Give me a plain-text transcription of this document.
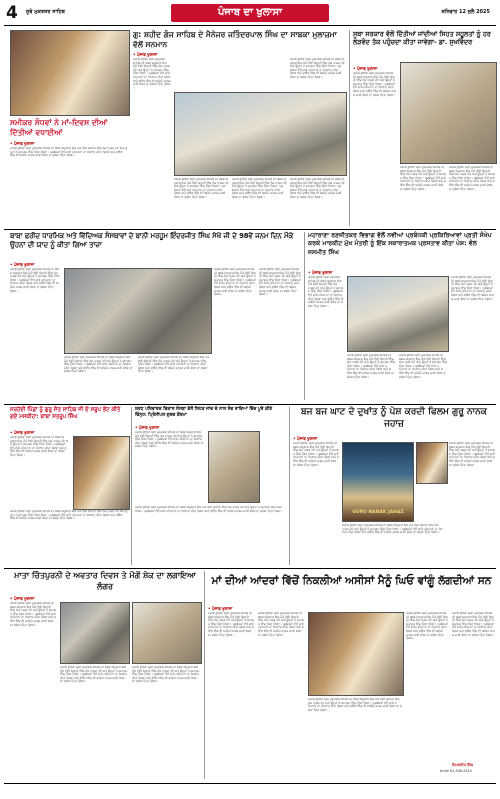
4 ਸੂਬੇ ਮੁਕਤਸਰ ਸਾਹਿਬ	ਪੰਜਾਬ ਦਾ ਖੁਲਾਸਾ	ਸ਼ਨਿਵਾਰ 12 ਜੁਲੈ 2025
ਸਮੀਕਰ ਸੰਧਵਾਂ ਨੇ ਮਾਂ-ਦਿਵਸ ਦੀਆਂ ਦਿੱਤੀਆਂ ਵਧਾਈਆਂ
• ਪੰਜਾਬ ਖੁਲਾਸਾ
ਪੰਜਾਬ ਖੁਲਾਸਾ ਸ੍ਰੀ ਮੁਕਤਸਰ ਸਾਹਿਬ ਦੀ ਖ਼ਬਰ ਅਨੁਸਾਰ ਇਸ ਮੌਕੇ ਵੱਡੀ ਗਿਣਤੀ ਵਿੱਚ ਲੋਕ ਹਾਜ਼ਰ ਹੋਏ ਅਤੇ ਉਨ੍ਹਾਂ ਨੇ ਸਮਾਗਮ ਵਿੱਚ ਹਿੱਸਾ ਲਿਆ। ਪ੍ਰਬੰਧਕਾਂ ਵੱਲੋਂ ਸਾਰੇ ਮਹਿਮਾਨਾਂ ਦਾ ਧੰਨਵਾਦ ਕੀਤਾ ਗਿਆ ਅਤੇ ਭਵਿੱਖ ਵਿੱਚ ਵੀ ਅਜਿਹੇ ਕਾਰਜ ਜਾਰੀ ਰੱਖਣ ਦਾ ਭਰੋਸਾ ਦਿੱਤਾ ਗਿਆ।
ਗੁ: ਸ਼ਹੀਦ ਗੰਜ ਸਾਹਿਬ ਦੇ ਮੈਨੇਜਰ ਜਤਿੰਦਰਪਾਲ ਸਿੰਘ ਦਾ ਸਾਬਕਾ ਮੁਲਾਜ਼ਮਾ ਵੱਲੋਂ ਸਨਮਾਨ
• ਪੰਜਾਬ ਖੁਲਾਸਾ
ਪੰਜਾਬ ਖੁਲਾਸਾ ਸ੍ਰੀ ਮੁਕਤਸਰ ਸਾਹਿਬ ਦੀ ਖ਼ਬਰ ਅਨੁਸਾਰ ਇਸ ਮੌਕੇ ਵੱਡੀ ਗਿਣਤੀ ਵਿੱਚ ਲੋਕ ਹਾਜ਼ਰ ਹੋਏ ਅਤੇ ਉਨ੍ਹਾਂ ਨੇ ਸਮਾਗਮ ਵਿੱਚ ਹਿੱਸਾ ਲਿਆ। ਪ੍ਰਬੰਧਕਾਂ ਵੱਲੋਂ ਸਾਰੇ ਮਹਿਮਾਨਾਂ ਦਾ ਧੰਨਵਾਦ ਕੀਤਾ ਗਿਆ ਅਤੇ ਭਵਿੱਖ ਵਿੱਚ ਵੀ ਅਜਿਹੇ ਕਾਰਜ ਜਾਰੀ ਰੱਖਣ ਦਾ ਭਰੋਸਾ ਦਿੱਤਾ ਗਿਆ।
ਪੰਜਾਬ ਖੁਲਾਸਾ ਸ੍ਰੀ ਮੁਕਤਸਰ ਸਾਹਿਬ ਦੀ ਖ਼ਬਰ ਅਨੁਸਾਰ ਇਸ ਮੌਕੇ ਵੱਡੀ ਗਿਣਤੀ ਵਿੱਚ ਲੋਕ ਹਾਜ਼ਰ ਹੋਏ ਅਤੇ ਉਨ੍ਹਾਂ ਨੇ ਸਮਾਗਮ ਵਿੱਚ ਹਿੱਸਾ ਲਿਆ। ਪ੍ਰਬੰਧਕਾਂ ਵੱਲੋਂ ਸਾਰੇ ਮਹਿਮਾਨਾਂ ਦਾ ਧੰਨਵਾਦ ਕੀਤਾ ਗਿਆ ਅਤੇ ਭਵਿੱਖ ਵਿੱਚ ਵੀ ਅਜਿਹੇ ਕਾਰਜ ਜਾਰੀ ਰੱਖਣ ਦਾ ਭਰੋਸਾ ਦਿੱਤਾ ਗਿਆ।
ਪੰਜਾਬ ਖੁਲਾਸਾ ਸ੍ਰੀ ਮੁਕਤਸਰ ਸਾਹਿਬ ਦੀ ਖ਼ਬਰ ਅਨੁਸਾਰ ਇਸ ਮੌਕੇ ਵੱਡੀ ਗਿਣਤੀ ਵਿੱਚ ਲੋਕ ਹਾਜ਼ਰ ਹੋਏ ਅਤੇ ਉਨ੍ਹਾਂ ਨੇ ਸਮਾਗਮ ਵਿੱਚ ਹਿੱਸਾ ਲਿਆ। ਪ੍ਰਬੰਧਕਾਂ ਵੱਲੋਂ ਸਾਰੇ ਮਹਿਮਾਨਾਂ ਦਾ ਧੰਨਵਾਦ ਕੀਤਾ ਗਿਆ ਅਤੇ ਭਵਿੱਖ ਵਿੱਚ ਵੀ ਅਜਿਹੇ ਕਾਰਜ ਜਾਰੀ ਰੱਖਣ ਦਾ ਭਰੋਸਾ ਦਿੱਤਾ ਗਿਆ।
ਪੰਜਾਬ ਖੁਲਾਸਾ ਸ੍ਰੀ ਮੁਕਤਸਰ ਸਾਹਿਬ ਦੀ ਖ਼ਬਰ ਅਨੁਸਾਰ ਇਸ ਮੌਕੇ ਵੱਡੀ ਗਿਣਤੀ ਵਿੱਚ ਲੋਕ ਹਾਜ਼ਰ ਹੋਏ ਅਤੇ ਉਨ੍ਹਾਂ ਨੇ ਸਮਾਗਮ ਵਿੱਚ ਹਿੱਸਾ ਲਿਆ। ਪ੍ਰਬੰਧਕਾਂ ਵੱਲੋਂ ਸਾਰੇ ਮਹਿਮਾਨਾਂ ਦਾ ਧੰਨਵਾਦ ਕੀਤਾ ਗਿਆ ਅਤੇ ਭਵਿੱਖ ਵਿੱਚ ਵੀ ਅਜਿਹੇ ਕਾਰਜ ਜਾਰੀ ਰੱਖਣ ਦਾ ਭਰੋਸਾ ਦਿੱਤਾ ਗਿਆ।
ਪੰਜਾਬ ਖੁਲਾਸਾ ਸ੍ਰੀ ਮੁਕਤਸਰ ਸਾਹਿਬ ਦੀ ਖ਼ਬਰ ਅਨੁਸਾਰ ਇਸ ਮੌਕੇ ਵੱਡੀ ਗਿਣਤੀ ਵਿੱਚ ਲੋਕ ਹਾਜ਼ਰ ਹੋਏ ਅਤੇ ਉਨ੍ਹਾਂ ਨੇ ਸਮਾਗਮ ਵਿੱਚ ਹਿੱਸਾ ਲਿਆ। ਪ੍ਰਬੰਧਕਾਂ ਵੱਲੋਂ ਸਾਰੇ ਮਹਿਮਾਨਾਂ ਦਾ ਧੰਨਵਾਦ ਕੀਤਾ ਗਿਆ ਅਤੇ ਭਵਿੱਖ ਵਿੱਚ ਵੀ ਅਜਿਹੇ ਕਾਰਜ ਜਾਰੀ ਰੱਖਣ ਦਾ ਭਰੋਸਾ ਦਿੱਤਾ ਗਿਆ।
ਸੁਬਾ ਸਰਕਾਰ ਵੱਲੋਂ ਦਿੱਤੀਆਂ ਜਾਂਦੀਆਂ ਸਿਹਤ ਸਹੂਲਤਾਂ ਨੂੰ ਹਰ ਲੋੜਵੰਦ ਤੱਕ ਪਹੁੰਚਦਾ ਕੀਤਾ ਜਾਵੇਗਾ- ਡਾ. ਸੁਖਵਿੰਦਰ
• ਪੰਜਾਬ ਖੁਲਾਸਾ
ਪੰਜਾਬ ਖੁਲਾਸਾ ਸ੍ਰੀ ਮੁਕਤਸਰ ਸਾਹਿਬ ਦੀ ਖ਼ਬਰ ਅਨੁਸਾਰ ਇਸ ਮੌਕੇ ਵੱਡੀ ਗਿਣਤੀ ਵਿੱਚ ਲੋਕ ਹਾਜ਼ਰ ਹੋਏ ਅਤੇ ਉਨ੍ਹਾਂ ਨੇ ਸਮਾਗਮ ਵਿੱਚ ਹਿੱਸਾ ਲਿਆ। ਪ੍ਰਬੰਧਕਾਂ ਵੱਲੋਂ ਸਾਰੇ ਮਹਿਮਾਨਾਂ ਦਾ ਧੰਨਵਾਦ ਕੀਤਾ ਗਿਆ ਅਤੇ ਭਵਿੱਖ ਵਿੱਚ ਵੀ ਅਜਿਹੇ ਕਾਰਜ ਜਾਰੀ ਰੱਖਣ ਦਾ ਭਰੋਸਾ ਦਿੱਤਾ ਗਿਆ।
ਪੰਜਾਬ ਖੁਲਾਸਾ ਸ੍ਰੀ ਮੁਕਤਸਰ ਸਾਹਿਬ ਦੀ ਖ਼ਬਰ ਅਨੁਸਾਰ ਇਸ ਮੌਕੇ ਵੱਡੀ ਗਿਣਤੀ ਵਿੱਚ ਲੋਕ ਹਾਜ਼ਰ ਹੋਏ ਅਤੇ ਉਨ੍ਹਾਂ ਨੇ ਸਮਾਗਮ ਵਿੱਚ ਹਿੱਸਾ ਲਿਆ। ਪ੍ਰਬੰਧਕਾਂ ਵੱਲੋਂ ਸਾਰੇ ਮਹਿਮਾਨਾਂ ਦਾ ਧੰਨਵਾਦ ਕੀਤਾ ਗਿਆ ਅਤੇ ਭਵਿੱਖ ਵਿੱਚ ਵੀ ਅਜਿਹੇ ਕਾਰਜ ਜਾਰੀ ਰੱਖਣ ਦਾ ਭਰੋਸਾ ਦਿੱਤਾ ਗਿਆ।
ਪੰਜਾਬ ਖੁਲਾਸਾ ਸ੍ਰੀ ਮੁਕਤਸਰ ਸਾਹਿਬ ਦੀ ਖ਼ਬਰ ਅਨੁਸਾਰ ਇਸ ਮੌਕੇ ਵੱਡੀ ਗਿਣਤੀ ਵਿੱਚ ਲੋਕ ਹਾਜ਼ਰ ਹੋਏ ਅਤੇ ਉਨ੍ਹਾਂ ਨੇ ਸਮਾਗਮ ਵਿੱਚ ਹਿੱਸਾ ਲਿਆ। ਪ੍ਰਬੰਧਕਾਂ ਵੱਲੋਂ ਸਾਰੇ ਮਹਿਮਾਨਾਂ ਦਾ ਧੰਨਵਾਦ ਕੀਤਾ ਗਿਆ ਅਤੇ ਭਵਿੱਖ ਵਿੱਚ ਵੀ ਅਜਿਹੇ ਕਾਰਜ ਜਾਰੀ ਰੱਖਣ ਦਾ ਭਰੋਸਾ ਦਿੱਤਾ ਗਿਆ।
ਬਾਬਾ ਫਰੀਦ ਧਾਰਮਿਕ ਅਤੇ ਵਿੱਦਿਅਕ ਸੰਸਥਾਵਾਂ ਦੇ ਬਾਨੀ ਮਰਹੂਮ ਇੰਦਰਜੀਤ ਸਿੰਘ ਸੇਖੋਂ ਜੀ ਦੇ 98ਵੇਂ ਜਨਮ ਦਿਨ ਮੌਕੇ ਉਹਨਾਂ ਦੀ ਯਾਦ ਨੂੰ ਕੀਤਾ ਗਿਆ ਤਾਜ਼ਾ
• ਪੰਜਾਬ ਖੁਲਾਸਾ
ਪੰਜਾਬ ਖੁਲਾਸਾ ਸ੍ਰੀ ਮੁਕਤਸਰ ਸਾਹਿਬ ਦੀ ਖ਼ਬਰ ਅਨੁਸਾਰ ਇਸ ਮੌਕੇ ਵੱਡੀ ਗਿਣਤੀ ਵਿੱਚ ਲੋਕ ਹਾਜ਼ਰ ਹੋਏ ਅਤੇ ਉਨ੍ਹਾਂ ਨੇ ਸਮਾਗਮ ਵਿੱਚ ਹਿੱਸਾ ਲਿਆ। ਪ੍ਰਬੰਧਕਾਂ ਵੱਲੋਂ ਸਾਰੇ ਮਹਿਮਾਨਾਂ ਦਾ ਧੰਨਵਾਦ ਕੀਤਾ ਗਿਆ ਅਤੇ ਭਵਿੱਖ ਵਿੱਚ ਵੀ ਅਜਿਹੇ ਕਾਰਜ ਜਾਰੀ ਰੱਖਣ ਦਾ ਭਰੋਸਾ ਦਿੱਤਾ ਗਿਆ।
ਪੰਜਾਬ ਖੁਲਾਸਾ ਸ੍ਰੀ ਮੁਕਤਸਰ ਸਾਹਿਬ ਦੀ ਖ਼ਬਰ ਅਨੁਸਾਰ ਇਸ ਮੌਕੇ ਵੱਡੀ ਗਿਣਤੀ ਵਿੱਚ ਲੋਕ ਹਾਜ਼ਰ ਹੋਏ ਅਤੇ ਉਨ੍ਹਾਂ ਨੇ ਸਮਾਗਮ ਵਿੱਚ ਹਿੱਸਾ ਲਿਆ। ਪ੍ਰਬੰਧਕਾਂ ਵੱਲੋਂ ਸਾਰੇ ਮਹਿਮਾਨਾਂ ਦਾ ਧੰਨਵਾਦ ਕੀਤਾ ਗਿਆ ਅਤੇ ਭਵਿੱਖ ਵਿੱਚ ਵੀ ਅਜਿਹੇ ਕਾਰਜ ਜਾਰੀ ਰੱਖਣ ਦਾ ਭਰੋਸਾ ਦਿੱਤਾ ਗਿਆ।
ਪੰਜਾਬ ਖੁਲਾਸਾ ਸ੍ਰੀ ਮੁਕਤਸਰ ਸਾਹਿਬ ਦੀ ਖ਼ਬਰ ਅਨੁਸਾਰ ਇਸ ਮੌਕੇ ਵੱਡੀ ਗਿਣਤੀ ਵਿੱਚ ਲੋਕ ਹਾਜ਼ਰ ਹੋਏ ਅਤੇ ਉਨ੍ਹਾਂ ਨੇ ਸਮਾਗਮ ਵਿੱਚ ਹਿੱਸਾ ਲਿਆ। ਪ੍ਰਬੰਧਕਾਂ ਵੱਲੋਂ ਸਾਰੇ ਮਹਿਮਾਨਾਂ ਦਾ ਧੰਨਵਾਦ ਕੀਤਾ ਗਿਆ ਅਤੇ ਭਵਿੱਖ ਵਿੱਚ ਵੀ ਅਜਿਹੇ ਕਾਰਜ ਜਾਰੀ ਰੱਖਣ ਦਾ ਭਰੋਸਾ ਦਿੱਤਾ ਗਿਆ।
ਪੰਜਾਬ ਖੁਲਾਸਾ ਸ੍ਰੀ ਮੁਕਤਸਰ ਸਾਹਿਬ ਦੀ ਖ਼ਬਰ ਅਨੁਸਾਰ ਇਸ ਮੌਕੇ ਵੱਡੀ ਗਿਣਤੀ ਵਿੱਚ ਲੋਕ ਹਾਜ਼ਰ ਹੋਏ ਅਤੇ ਉਨ੍ਹਾਂ ਨੇ ਸਮਾਗਮ ਵਿੱਚ ਹਿੱਸਾ ਲਿਆ। ਪ੍ਰਬੰਧਕਾਂ ਵੱਲੋਂ ਸਾਰੇ ਮਹਿਮਾਨਾਂ ਦਾ ਧੰਨਵਾਦ ਕੀਤਾ ਗਿਆ ਅਤੇ ਭਵਿੱਖ ਵਿੱਚ ਵੀ ਅਜਿਹੇ ਕਾਰਜ ਜਾਰੀ ਰੱਖਣ ਦਾ ਭਰੋਸਾ ਦਿੱਤਾ ਗਿਆ।
ਪੰਜਾਬ ਖੁਲਾਸਾ ਸ੍ਰੀ ਮੁਕਤਸਰ ਸਾਹਿਬ ਦੀ ਖ਼ਬਰ ਅਨੁਸਾਰ ਇਸ ਮੌਕੇ ਵੱਡੀ ਗਿਣਤੀ ਵਿੱਚ ਲੋਕ ਹਾਜ਼ਰ ਹੋਏ ਅਤੇ ਉਨ੍ਹਾਂ ਨੇ ਸਮਾਗਮ ਵਿੱਚ ਹਿੱਸਾ ਲਿਆ। ਪ੍ਰਬੰਧਕਾਂ ਵੱਲੋਂ ਸਾਰੇ ਮਹਿਮਾਨਾਂ ਦਾ ਧੰਨਵਾਦ ਕੀਤਾ ਗਿਆ ਅਤੇ ਭਵਿੱਖ ਵਿੱਚ ਵੀ ਅਜਿਹੇ ਕਾਰਜ ਜਾਰੀ ਰੱਖਣ ਦਾ ਭਰੋਸਾ ਦਿੱਤਾ ਗਿਆ।
ਮਹਾਰਾਣਾ ਰਣਜੀਤਕਰ ਵਿਭਾਗ ਵੱਲੋਂ ਨਵੀਆਂ ਪ੍ਰਬੰਧਕੀ ਪ੍ਰਕਿਰਿਆਵਾਂ ਪ੍ਰਤੀ ਸੰਖੇਪ ਕਰਕੇ ਮਾਰਕੀਟ ਮੁੱਖ ਮੰਤਰੀ ਨੂੰ ਇੱਕ ਸਕਾਰਾਤਮਕ ਪ੍ਰਸਤਾਵ ਕੀਤਾ ਪੇਸ਼: ਵੰਲ ਜਸਮੀਤ ਸਿੰਘ
• ਪੰਜਾਬ ਖੁਲਾਸਾ
ਪੰਜਾਬ ਖੁਲਾਸਾ ਸ੍ਰੀ ਮੁਕਤਸਰ ਸਾਹਿਬ ਦੀ ਖ਼ਬਰ ਅਨੁਸਾਰ ਇਸ ਮੌਕੇ ਵੱਡੀ ਗਿਣਤੀ ਵਿੱਚ ਲੋਕ ਹਾਜ਼ਰ ਹੋਏ ਅਤੇ ਉਨ੍ਹਾਂ ਨੇ ਸਮਾਗਮ ਵਿੱਚ ਹਿੱਸਾ ਲਿਆ। ਪ੍ਰਬੰਧਕਾਂ ਵੱਲੋਂ ਸਾਰੇ ਮਹਿਮਾਨਾਂ ਦਾ ਧੰਨਵਾਦ ਕੀਤਾ ਗਿਆ ਅਤੇ ਭਵਿੱਖ ਵਿੱਚ ਵੀ ਅਜਿਹੇ ਕਾਰਜ ਜਾਰੀ ਰੱਖਣ ਦਾ ਭਰੋਸਾ ਦਿੱਤਾ ਗਿਆ।
ਪੰਜਾਬ ਖੁਲਾਸਾ ਸ੍ਰੀ ਮੁਕਤਸਰ ਸਾਹਿਬ ਦੀ ਖ਼ਬਰ ਅਨੁਸਾਰ ਇਸ ਮੌਕੇ ਵੱਡੀ ਗਿਣਤੀ ਵਿੱਚ ਲੋਕ ਹਾਜ਼ਰ ਹੋਏ ਅਤੇ ਉਨ੍ਹਾਂ ਨੇ ਸਮਾਗਮ ਵਿੱਚ ਹਿੱਸਾ ਲਿਆ। ਪ੍ਰਬੰਧਕਾਂ ਵੱਲੋਂ ਸਾਰੇ ਮਹਿਮਾਨਾਂ ਦਾ ਧੰਨਵਾਦ ਕੀਤਾ ਗਿਆ ਅਤੇ ਭਵਿੱਖ ਵਿੱਚ ਵੀ ਅਜਿਹੇ ਕਾਰਜ ਜਾਰੀ ਰੱਖਣ ਦਾ ਭਰੋਸਾ ਦਿੱਤਾ ਗਿਆ।
ਪੰਜਾਬ ਖੁਲਾਸਾ ਸ੍ਰੀ ਮੁਕਤਸਰ ਸਾਹਿਬ ਦੀ ਖ਼ਬਰ ਅਨੁਸਾਰ ਇਸ ਮੌਕੇ ਵੱਡੀ ਗਿਣਤੀ ਵਿੱਚ ਲੋਕ ਹਾਜ਼ਰ ਹੋਏ ਅਤੇ ਉਨ੍ਹਾਂ ਨੇ ਸਮਾਗਮ ਵਿੱਚ ਹਿੱਸਾ ਲਿਆ। ਪ੍ਰਬੰਧਕਾਂ ਵੱਲੋਂ ਸਾਰੇ ਮਹਿਮਾਨਾਂ ਦਾ ਧੰਨਵਾਦ ਕੀਤਾ ਗਿਆ ਅਤੇ ਭਵਿੱਖ ਵਿੱਚ ਵੀ ਅਜਿਹੇ ਕਾਰਜ ਜਾਰੀ ਰੱਖਣ ਦਾ ਭਰੋਸਾ ਦਿੱਤਾ ਗਿਆ।
ਪੰਜਾਬ ਖੁਲਾਸਾ ਸ੍ਰੀ ਮੁਕਤਸਰ ਸਾਹਿਬ ਦੀ ਖ਼ਬਰ ਅਨੁਸਾਰ ਇਸ ਮੌਕੇ ਵੱਡੀ ਗਿਣਤੀ ਵਿੱਚ ਲੋਕ ਹਾਜ਼ਰ ਹੋਏ ਅਤੇ ਉਨ੍ਹਾਂ ਨੇ ਸਮਾਗਮ ਵਿੱਚ ਹਿੱਸਾ ਲਿਆ। ਪ੍ਰਬੰਧਕਾਂ ਵੱਲੋਂ ਸਾਰੇ ਮਹਿਮਾਨਾਂ ਦਾ ਧੰਨਵਾਦ ਕੀਤਾ ਗਿਆ ਅਤੇ ਭਵਿੱਖ ਵਿੱਚ ਵੀ ਅਜਿਹੇ ਕਾਰਜ ਜਾਰੀ ਰੱਖਣ ਦਾ ਭਰੋਸਾ ਦਿੱਤਾ ਗਿਆ।
ਸਰਹੱਦੀ ਪਿੰਡਾਂ ਨੂੰ ਗੁਰੂ ਸੰਤ ਸਾਹਿਬ ਜੀ ਦੇ ਸਰੂਪ ਭੇਂਟ ਕੀਤੇ ਗਏ ਮਸਕੀਹਾ: ਬਾਬਾ ਸਤਰੂਪ ਸਿੰਘ
• ਪੰਜਾਬ ਖੁਲਾਸਾ
ਪੰਜਾਬ ਖੁਲਾਸਾ ਸ੍ਰੀ ਮੁਕਤਸਰ ਸਾਹਿਬ ਦੀ ਖ਼ਬਰ ਅਨੁਸਾਰ ਇਸ ਮੌਕੇ ਵੱਡੀ ਗਿਣਤੀ ਵਿੱਚ ਲੋਕ ਹਾਜ਼ਰ ਹੋਏ ਅਤੇ ਉਨ੍ਹਾਂ ਨੇ ਸਮਾਗਮ ਵਿੱਚ ਹਿੱਸਾ ਲਿਆ। ਪ੍ਰਬੰਧਕਾਂ ਵੱਲੋਂ ਸਾਰੇ ਮਹਿਮਾਨਾਂ ਦਾ ਧੰਨਵਾਦ ਕੀਤਾ ਗਿਆ ਅਤੇ ਭਵਿੱਖ ਵਿੱਚ ਵੀ ਅਜਿਹੇ ਕਾਰਜ ਜਾਰੀ ਰੱਖਣ ਦਾ ਭਰੋਸਾ ਦਿੱਤਾ ਗਿਆ।
ਪੰਜਾਬ ਖੁਲਾਸਾ ਸ੍ਰੀ ਮੁਕਤਸਰ ਸਾਹਿਬ ਦੀ ਖ਼ਬਰ ਅਨੁਸਾਰ ਇਸ ਮੌਕੇ ਵੱਡੀ ਗਿਣਤੀ ਵਿੱਚ ਲੋਕ ਹਾਜ਼ਰ ਹੋਏ ਅਤੇ ਉਨ੍ਹਾਂ ਨੇ ਸਮਾਗਮ ਵਿੱਚ ਹਿੱਸਾ ਲਿਆ। ਪ੍ਰਬੰਧਕਾਂ ਵੱਲੋਂ ਸਾਰੇ ਮਹਿਮਾਨਾਂ ਦਾ ਧੰਨਵਾਦ ਕੀਤਾ ਗਿਆ ਅਤੇ ਭਵਿੱਖ ਵਿੱਚ ਵੀ ਅਜਿਹੇ ਕਾਰਜ ਜਾਰੀ ਰੱਖਣ ਦਾ ਭਰੋਸਾ ਦਿੱਤਾ ਗਿਆ।
ਸ਼ਰਧ ਪਰਿਵਾਰਕ ਵਿਕਾਸ ਸੰਸਥਾ ਵੱਲੋਂ ਸਿਹਤ ਜਾਂਚ ਦੇ ਨਾਲ ਸੋਵ ਰਾਵਿਆਂ ਵਿੱਚ ਪੂਰੇ ਕੀਤੇ ਚਿੰਨ੍ਹ: ਪ੍ਰਿੰਸੀਪਲ ਗੁਰਚ ਕੌਰਮਾ
• ਪੰਜਾਬ ਖੁਲਾਸਾ
ਪੰਜਾਬ ਖੁਲਾਸਾ ਸ੍ਰੀ ਮੁਕਤਸਰ ਸਾਹਿਬ ਦੀ ਖ਼ਬਰ ਅਨੁਸਾਰ ਇਸ ਮੌਕੇ ਵੱਡੀ ਗਿਣਤੀ ਵਿੱਚ ਲੋਕ ਹਾਜ਼ਰ ਹੋਏ ਅਤੇ ਉਨ੍ਹਾਂ ਨੇ ਸਮਾਗਮ ਵਿੱਚ ਹਿੱਸਾ ਲਿਆ। ਪ੍ਰਬੰਧਕਾਂ ਵੱਲੋਂ ਸਾਰੇ ਮਹਿਮਾਨਾਂ ਦਾ ਧੰਨਵਾਦ ਕੀਤਾ ਗਿਆ ਅਤੇ ਭਵਿੱਖ ਵਿੱਚ ਵੀ ਅਜਿਹੇ ਕਾਰਜ ਜਾਰੀ ਰੱਖਣ ਦਾ ਭਰੋਸਾ ਦਿੱਤਾ ਗਿਆ।
ਪੰਜਾਬ ਖੁਲਾਸਾ ਸ੍ਰੀ ਮੁਕਤਸਰ ਸਾਹਿਬ ਦੀ ਖ਼ਬਰ ਅਨੁਸਾਰ ਇਸ ਮੌਕੇ ਵੱਡੀ ਗਿਣਤੀ ਵਿੱਚ ਲੋਕ ਹਾਜ਼ਰ ਹੋਏ ਅਤੇ ਉਨ੍ਹਾਂ ਨੇ ਸਮਾਗਮ ਵਿੱਚ ਹਿੱਸਾ ਲਿਆ। ਪ੍ਰਬੰਧਕਾਂ ਵੱਲੋਂ ਸਾਰੇ ਮਹਿਮਾਨਾਂ ਦਾ ਧੰਨਵਾਦ ਕੀਤਾ ਗਿਆ ਅਤੇ ਭਵਿੱਖ ਵਿੱਚ ਵੀ ਅਜਿਹੇ ਕਾਰਜ ਜਾਰੀ ਰੱਖਣ ਦਾ ਭਰੋਸਾ ਦਿੱਤਾ ਗਿਆ।
ਬਜ ਬਜ ਘਾਟ ਦੇ ਦੁਖਾਂਤ ਨੂੰ ਪੇਸ਼ ਕਰਦੀ ਫਿਲਮ ਗੁਰੂ ਨਾਨਕ ਜਹਾਜ਼
• ਪੰਜਾਬ ਖੁਲਾਸਾ
ਪੰਜਾਬ ਖੁਲਾਸਾ ਸ੍ਰੀ ਮੁਕਤਸਰ ਸਾਹਿਬ ਦੀ ਖ਼ਬਰ ਅਨੁਸਾਰ ਇਸ ਮੌਕੇ ਵੱਡੀ ਗਿਣਤੀ ਵਿੱਚ ਲੋਕ ਹਾਜ਼ਰ ਹੋਏ ਅਤੇ ਉਨ੍ਹਾਂ ਨੇ ਸਮਾਗਮ ਵਿੱਚ ਹਿੱਸਾ ਲਿਆ। ਪ੍ਰਬੰਧਕਾਂ ਵੱਲੋਂ ਸਾਰੇ ਮਹਿਮਾਨਾਂ ਦਾ ਧੰਨਵਾਦ ਕੀਤਾ ਗਿਆ ਅਤੇ ਭਵਿੱਖ ਵਿੱਚ ਵੀ ਅਜਿਹੇ ਕਾਰਜ ਜਾਰੀ ਰੱਖਣ ਦਾ ਭਰੋਸਾ ਦਿੱਤਾ ਗਿਆ।
GURU NANAK JAHAZ
ਪੰਜਾਬ ਖੁਲਾਸਾ ਸ੍ਰੀ ਮੁਕਤਸਰ ਸਾਹਿਬ ਦੀ ਖ਼ਬਰ ਅਨੁਸਾਰ ਇਸ ਮੌਕੇ ਵੱਡੀ ਗਿਣਤੀ ਵਿੱਚ ਲੋਕ ਹਾਜ਼ਰ ਹੋਏ ਅਤੇ ਉਨ੍ਹਾਂ ਨੇ ਸਮਾਗਮ ਵਿੱਚ ਹਿੱਸਾ ਲਿਆ। ਪ੍ਰਬੰਧਕਾਂ ਵੱਲੋਂ ਸਾਰੇ ਮਹਿਮਾਨਾਂ ਦਾ ਧੰਨਵਾਦ ਕੀਤਾ ਗਿਆ ਅਤੇ ਭਵਿੱਖ ਵਿੱਚ ਵੀ ਅਜਿਹੇ ਕਾਰਜ ਜਾਰੀ ਰੱਖਣ ਦਾ ਭਰੋਸਾ ਦਿੱਤਾ ਗਿਆ।
ਪੰਜਾਬ ਖੁਲਾਸਾ ਸ੍ਰੀ ਮੁਕਤਸਰ ਸਾਹਿਬ ਦੀ ਖ਼ਬਰ ਅਨੁਸਾਰ ਇਸ ਮੌਕੇ ਵੱਡੀ ਗਿਣਤੀ ਵਿੱਚ ਲੋਕ ਹਾਜ਼ਰ ਹੋਏ ਅਤੇ ਉਨ੍ਹਾਂ ਨੇ ਸਮਾਗਮ ਵਿੱਚ ਹਿੱਸਾ ਲਿਆ। ਪ੍ਰਬੰਧਕਾਂ ਵੱਲੋਂ ਸਾਰੇ ਮਹਿਮਾਨਾਂ ਦਾ ਧੰਨਵਾਦ ਕੀਤਾ ਗਿਆ ਅਤੇ ਭਵਿੱਖ ਵਿੱਚ ਵੀ ਅਜਿਹੇ ਕਾਰਜ ਜਾਰੀ ਰੱਖਣ ਦਾ ਭਰੋਸਾ ਦਿੱਤਾ ਗਿਆ।
ਮਾਤਾ ਚਿੰਤਪੁਰਨੀ ਦੇ ਅਵਤਾਰ ਦਿਵਸ ਤੇ ਮੌਗੋਂ ਸ਼ੇਕ ਦਾ ਲਗਾਇਆ ਲੰਗਰ
• ਪੰਜਾਬ ਖੁਲਾਸਾ
ਪੰਜਾਬ ਖੁਲਾਸਾ ਸ੍ਰੀ ਮੁਕਤਸਰ ਸਾਹਿਬ ਦੀ ਖ਼ਬਰ ਅਨੁਸਾਰ ਇਸ ਮੌਕੇ ਵੱਡੀ ਗਿਣਤੀ ਵਿੱਚ ਲੋਕ ਹਾਜ਼ਰ ਹੋਏ ਅਤੇ ਉਨ੍ਹਾਂ ਨੇ ਸਮਾਗਮ ਵਿੱਚ ਹਿੱਸਾ ਲਿਆ। ਪ੍ਰਬੰਧਕਾਂ ਵੱਲੋਂ ਸਾਰੇ ਮਹਿਮਾਨਾਂ ਦਾ ਧੰਨਵਾਦ ਕੀਤਾ ਗਿਆ ਅਤੇ ਭਵਿੱਖ ਵਿੱਚ ਵੀ ਅਜਿਹੇ ਕਾਰਜ ਜਾਰੀ ਰੱਖਣ ਦਾ ਭਰੋਸਾ ਦਿੱਤਾ ਗਿਆ।
ਪੰਜਾਬ ਖੁਲਾਸਾ ਸ੍ਰੀ ਮੁਕਤਸਰ ਸਾਹਿਬ ਦੀ ਖ਼ਬਰ ਅਨੁਸਾਰ ਇਸ ਮੌਕੇ ਵੱਡੀ ਗਿਣਤੀ ਵਿੱਚ ਲੋਕ ਹਾਜ਼ਰ ਹੋਏ ਅਤੇ ਉਨ੍ਹਾਂ ਨੇ ਸਮਾਗਮ ਵਿੱਚ ਹਿੱਸਾ ਲਿਆ। ਪ੍ਰਬੰਧਕਾਂ ਵੱਲੋਂ ਸਾਰੇ ਮਹਿਮਾਨਾਂ ਦਾ ਧੰਨਵਾਦ ਕੀਤਾ ਗਿਆ ਅਤੇ ਭਵਿੱਖ ਵਿੱਚ ਵੀ ਅਜਿਹੇ ਕਾਰਜ ਜਾਰੀ ਰੱਖਣ ਦਾ ਭਰੋਸਾ ਦਿੱਤਾ ਗਿਆ।
ਪੰਜਾਬ ਖੁਲਾਸਾ ਸ੍ਰੀ ਮੁਕਤਸਰ ਸਾਹਿਬ ਦੀ ਖ਼ਬਰ ਅਨੁਸਾਰ ਇਸ ਮੌਕੇ ਵੱਡੀ ਗਿਣਤੀ ਵਿੱਚ ਲੋਕ ਹਾਜ਼ਰ ਹੋਏ ਅਤੇ ਉਨ੍ਹਾਂ ਨੇ ਸਮਾਗਮ ਵਿੱਚ ਹਿੱਸਾ ਲਿਆ। ਪ੍ਰਬੰਧਕਾਂ ਵੱਲੋਂ ਸਾਰੇ ਮਹਿਮਾਨਾਂ ਦਾ ਧੰਨਵਾਦ ਕੀਤਾ ਗਿਆ ਅਤੇ ਭਵਿੱਖ ਵਿੱਚ ਵੀ ਅਜਿਹੇ ਕਾਰਜ ਜਾਰੀ ਰੱਖਣ ਦਾ ਭਰੋਸਾ ਦਿੱਤਾ ਗਿਆ।
ਮਾਂ ਦੀਆਂ ਆਂਦਰਾਂ ਵਿੱਚੋਂ ਨਿਕਲੀਆਂ ਅਸੀਸਾਂ ਮੈਨੂੰ ਘਿਓ ਵਾਂਗੂੰ ਲੱਗਦੀਆਂ ਸਨ
• ਪੰਜਾਬ ਖੁਲਾਸਾ
ਪੰਜਾਬ ਖੁਲਾਸਾ ਸ੍ਰੀ ਮੁਕਤਸਰ ਸਾਹਿਬ ਦੀ ਖ਼ਬਰ ਅਨੁਸਾਰ ਇਸ ਮੌਕੇ ਵੱਡੀ ਗਿਣਤੀ ਵਿੱਚ ਲੋਕ ਹਾਜ਼ਰ ਹੋਏ ਅਤੇ ਉਨ੍ਹਾਂ ਨੇ ਸਮਾਗਮ ਵਿੱਚ ਹਿੱਸਾ ਲਿਆ। ਪ੍ਰਬੰਧਕਾਂ ਵੱਲੋਂ ਸਾਰੇ ਮਹਿਮਾਨਾਂ ਦਾ ਧੰਨਵਾਦ ਕੀਤਾ ਗਿਆ ਅਤੇ ਭਵਿੱਖ ਵਿੱਚ ਵੀ ਅਜਿਹੇ ਕਾਰਜ ਜਾਰੀ ਰੱਖਣ ਦਾ ਭਰੋਸਾ ਦਿੱਤਾ ਗਿਆ।
ਪੰਜਾਬ ਖੁਲਾਸਾ ਸ੍ਰੀ ਮੁਕਤਸਰ ਸਾਹਿਬ ਦੀ ਖ਼ਬਰ ਅਨੁਸਾਰ ਇਸ ਮੌਕੇ ਵੱਡੀ ਗਿਣਤੀ ਵਿੱਚ ਲੋਕ ਹਾਜ਼ਰ ਹੋਏ ਅਤੇ ਉਨ੍ਹਾਂ ਨੇ ਸਮਾਗਮ ਵਿੱਚ ਹਿੱਸਾ ਲਿਆ। ਪ੍ਰਬੰਧਕਾਂ ਵੱਲੋਂ ਸਾਰੇ ਮਹਿਮਾਨਾਂ ਦਾ ਧੰਨਵਾਦ ਕੀਤਾ ਗਿਆ ਅਤੇ ਭਵਿੱਖ ਵਿੱਚ ਵੀ ਅਜਿਹੇ ਕਾਰਜ ਜਾਰੀ ਰੱਖਣ ਦਾ ਭਰੋਸਾ ਦਿੱਤਾ ਗਿਆ।
ਪੰਜਾਬ ਖੁਲਾਸਾ ਸ੍ਰੀ ਮੁਕਤਸਰ ਸਾਹਿਬ ਦੀ ਖ਼ਬਰ ਅਨੁਸਾਰ ਇਸ ਮੌਕੇ ਵੱਡੀ ਗਿਣਤੀ ਵਿੱਚ ਲੋਕ ਹਾਜ਼ਰ ਹੋਏ ਅਤੇ ਉਨ੍ਹਾਂ ਨੇ ਸਮਾਗਮ ਵਿੱਚ ਹਿੱਸਾ ਲਿਆ। ਪ੍ਰਬੰਧਕਾਂ ਵੱਲੋਂ ਸਾਰੇ ਮਹਿਮਾਨਾਂ ਦਾ ਧੰਨਵਾਦ ਕੀਤਾ ਗਿਆ ਅਤੇ ਭਵਿੱਖ ਵਿੱਚ ਵੀ ਅਜਿਹੇ ਕਾਰਜ ਜਾਰੀ ਰੱਖਣ ਦਾ ਭਰੋਸਾ ਦਿੱਤਾ ਗਿਆ।
ਪੰਜਾਬ ਖੁਲਾਸਾ ਸ੍ਰੀ ਮੁਕਤਸਰ ਸਾਹਿਬ ਦੀ ਖ਼ਬਰ ਅਨੁਸਾਰ ਇਸ ਮੌਕੇ ਵੱਡੀ ਗਿਣਤੀ ਵਿੱਚ ਲੋਕ ਹਾਜ਼ਰ ਹੋਏ ਅਤੇ ਉਨ੍ਹਾਂ ਨੇ ਸਮਾਗਮ ਵਿੱਚ ਹਿੱਸਾ ਲਿਆ। ਪ੍ਰਬੰਧਕਾਂ ਵੱਲੋਂ ਸਾਰੇ ਮਹਿਮਾਨਾਂ ਦਾ ਧੰਨਵਾਦ ਕੀਤਾ ਗਿਆ ਅਤੇ ਭਵਿੱਖ ਵਿੱਚ ਵੀ ਅਜਿਹੇ ਕਾਰਜ ਜਾਰੀ ਰੱਖਣ ਦਾ ਭਰੋਸਾ ਦਿੱਤਾ ਗਿਆ।
ਪੰਜਾਬ ਖੁਲਾਸਾ ਸ੍ਰੀ ਮੁਕਤਸਰ ਸਾਹਿਬ ਦੀ ਖ਼ਬਰ ਅਨੁਸਾਰ ਇਸ ਮੌਕੇ ਵੱਡੀ ਗਿਣਤੀ ਵਿੱਚ ਲੋਕ ਹਾਜ਼ਰ ਹੋਏ ਅਤੇ ਉਨ੍ਹਾਂ ਨੇ ਸਮਾਗਮ ਵਿੱਚ ਹਿੱਸਾ ਲਿਆ। ਪ੍ਰਬੰਧਕਾਂ ਵੱਲੋਂ ਸਾਰੇ ਮਹਿਮਾਨਾਂ ਦਾ ਧੰਨਵਾਦ ਕੀਤਾ ਗਿਆ ਅਤੇ ਭਵਿੱਖ ਵਿੱਚ ਵੀ ਅਜਿਹੇ ਕਾਰਜ ਜਾਰੀ ਰੱਖਣ ਦਾ ਭਰੋਸਾ ਦਿੱਤਾ ਗਿਆ।
ਸਿਮਰਜੀਤ ਸਿੰਘ
ਸੰਪਰਕ 81-546-4324
